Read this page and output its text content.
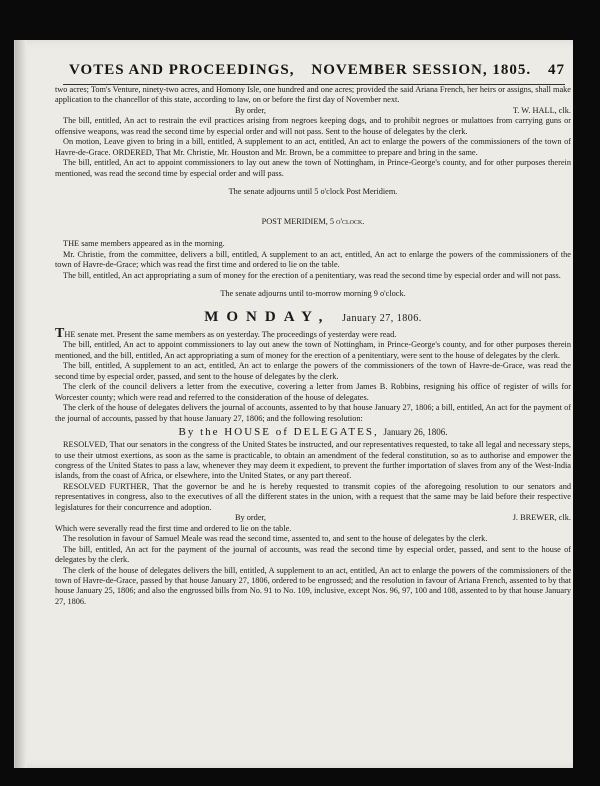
VOTES AND PROCEEDINGS, NOVEMBER SESSION, 1805. 47

two acres; Tom's Venture, ninety-two acres, and Homony Isle, one hundred and one acres; provided the said Ariana French, her heirs or assigns, shall make application to the chancellor of this state, according to law, on or before the first day of November next.

By order,	T. W. HALL, clk.

The bill, entitled, An act to restrain the evil practices arising from negroes keeping dogs, and to prohibit negroes or mulattoes from carrying guns or offensive weapons, was read the second time by especial order and will not pass. Sent to the house of delegates by the clerk.

On motion, Leave given to bring in a bill, entitled, A supplement to an act, entitled, An act to enlarge the powers of the commissioners of the town of Havre-de-Grace. ORDERED, That Mr. Christie, Mr. Houston and Mr. Brown, be a committee to prepare and bring in the same.

The bill, entitled, An act to appoint commissioners to lay out anew the town of Nottingham, in Prince-George's county, and for other purposes therein mentioned, was read the second time by especial order and will pass.

The senate adjourns until 5 o'clock Post Meridiem.

POST MERIDIEM, 5 o'clock.

THE same members appeared as in the morning.

Mr. Christie, from the committee, delivers a bill, entitled, A supplement to an act, entitled, An act to enlarge the powers of the commissioners of the town of Havre-de-Grace; which was read the first time and ordered to lie on the table.

The bill, entitled, An act appropriating a sum of money for the erection of a penitentiary, was read the second time by especial order and will not pass.

The senate adjourns until to-morrow morning 9 o'clock.

MONDAY, January 27, 1806.

THE senate met. Present the same members as on yesterday. The proceedings of yesterday were read.

The bill, entitled, An act to appoint commissioners to lay out anew the town of Nottingham, in Prince-George's county, and for other purposes therein mentioned, and the bill, entitled, An act appropriating a sum of money for the erection of a penitentiary, were sent to the house of delegates by the clerk.

The bill, entitled, A supplement to an act, entitled, An act to enlarge the powers of the commissioners of the town of Havre-de-Grace, was read the second time by especial order, passed, and sent to the house of delegates by the clerk.

The clerk of the council delivers a letter from the executive, covering a letter from James B. Robbins, resigning his office of register of wills for Worcester county; which were read and referred to the consideration of the house of delegates.

The clerk of the house of delegates delivers the journal of accounts, assented to by that house January 27, 1806; a bill, entitled, An act for the payment of the journal of accounts, passed by that house January 27, 1806; and the following resolution:

By the HOUSE of DELEGATES, January 26, 1806.

RESOLVED, That our senators in the congress of the United States be instructed, and our representatives requested, to take all legal and necessary steps, to use their utmost exertions, as soon as the same is practicable, to obtain an amendment of the federal constitution, so as to authorise and empower the congress of the United States to pass a law, whenever they may deem it expedient, to prevent the further importation of slaves from any of the West-India islands, from the coast of Africa, or elsewhere, into the United States, or any part thereof.

RESOLVED FURTHER, That the governor be and he is hereby requested to transmit copies of the aforegoing resolution to our senators and representatives in congress, also to the executives of all the different states in the union, with a request that the same may be laid before their respective legislatures for their concurrence and adoption.

By order,	J. BREWER, clk.

Which were severally read the first time and ordered to lie on the table.

The resolution in favour of Samuel Meale was read the second time, assented to, and sent to the house of delegates by the clerk.

The bill, entitled, An act for the payment of the journal of accounts, was read the second time by especial order, passed, and sent to the house of delegates by the clerk.

The clerk of the house of delegates delivers the bill, entitled, A supplement to an act, entitled, An act to enlarge the powers of the commissioners of the town of Havre-de-Grace, passed by that house January 27, 1806, ordered to be engrossed; and the resolution in favour of Ariana French, assented to by that house January 25, 1806; and also the engrossed bills from No. 91 to No. 109, inclusive, except Nos. 96, 97, 100 and 108, assented to by that house January 27, 1806.
